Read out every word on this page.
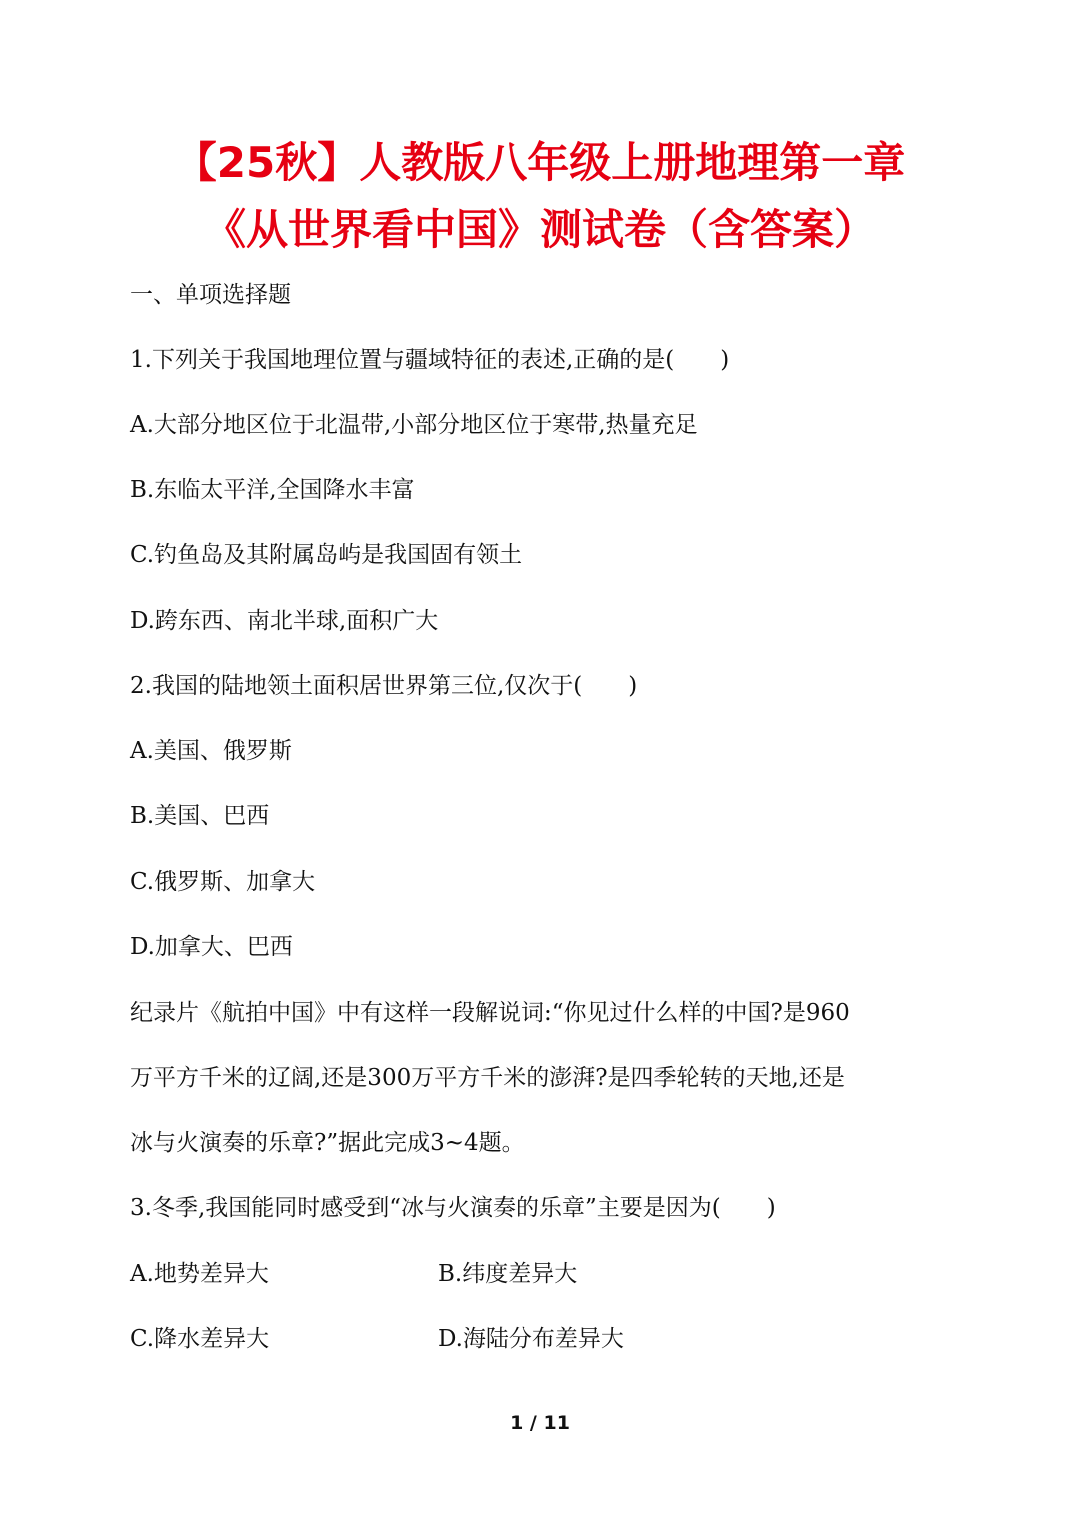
【25秋】人教版八年级上册地理第一章
《从世界看中国》测试卷（含答案）
一、单项选择题
1.下列关于我国地理位置与疆域特征的表述,正确的是(　　)
A.大部分地区位于北温带,小部分地区位于寒带,热量充足
B.东临太平洋,全国降水丰富
C.钓鱼岛及其附属岛屿是我国固有领土
D.跨东西、南北半球,面积广大
2.我国的陆地领土面积居世界第三位,仅次于(　　)
A.美国、俄罗斯
B.美国、巴西
C.俄罗斯、加拿大
D.加拿大、巴西
纪录片《航拍中国》中有这样一段解说词:“你见过什么样的中国?是960
万平方千米的辽阔,还是300万平方千米的澎湃?是四季轮转的天地,还是
冰与火演奏的乐章?”据此完成3~4题。
3.冬季,我国能同时感受到“冰与火演奏的乐章”主要是因为(　　)
A.地势差异大	B.纬度差异大
C.降水差异大	D.海陆分布差异大
1 / 11
